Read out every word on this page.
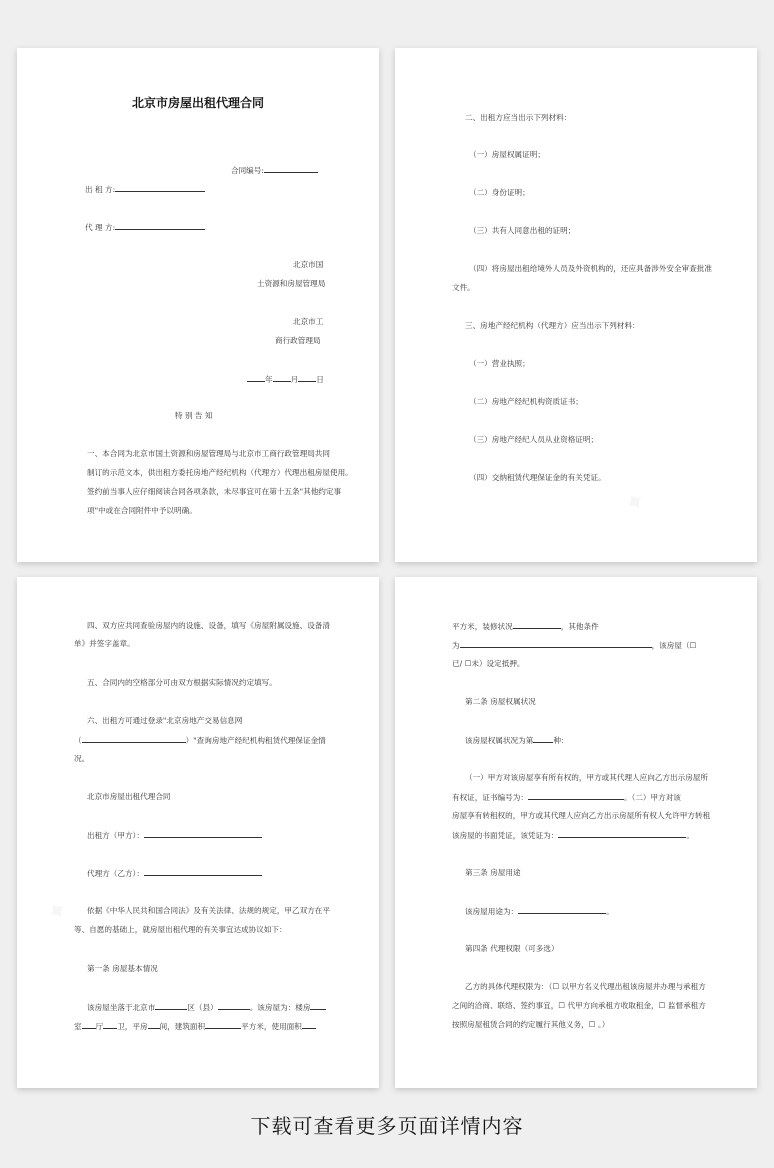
北京市房屋出租代理合同
合同编号:
出 租 方:
代 理 方:
北京市国
土资源和房屋管理局
北京市工
商行政管理局
年 月 日
特 别 告 知
一、本合同为北京市国土资源和房屋管理局与北京市工商行政管理局共同
制订的示范文本，供出租方委托房地产经纪机构（代理方）代理出租房屋使用。
签约前当事人应仔细阅读合同各项条款，未尽事宜可在第十五条"其他约定事
项"中或在合同附件中予以明确。
二、出租方应当出示下列材料：
（一）房屋权属证明；
（二）身份证明；
（三）共有人同意出租的证明；
（四）将房屋出租给境外人员及外资机构的，还应具备涉外安全审查批准
文件。
三、房地产经纪机构（代理方）应当出示下列材料：
（一）营业执照；
（二）房地产经纪机构资质证书；
（三）房地产经纪人员从业资格证明；
（四）交纳租赁代理保证金的有关凭证。
四、双方应共同查验房屋内的设施、设备，填写《房屋附属设施、设备清
单》并签字盖章。
五、合同内的空格部分可由双方根据实际情况约定填写。
六、出租方可通过登录"北京房地产交易信息网
（	）"查询房地产经纪机构租赁代理保证金情
况。
北京市房屋出租代理合同
出租方（甲方）：
代理方（乙方）：
依据《中华人民共和国合同法》及有关法律、法规的规定，甲乙双方在平
等、自愿的基础上，就房屋出租代理的有关事宜达成协议如下：
第一条 房屋基本情况
该房屋坐落于北京市	区（县）	。该房屋为：楼房
室 厅 卫，平房 间，建筑面积	平方米，使用面积
平方米，装修状况	，其他条件
为	，该房屋（☐
已/ ☐未）设定抵押。
第二条 房屋权属状况
该房屋权属状况为第	种：
（一）甲方对该房屋享有所有权的，甲方或其代理人应向乙方出示房屋所
有权证，证书编号为：	。（二）甲方对该
房屋享有转租权的，甲方或其代理人应向乙方出示房屋所有权人允许甲方转租
该房屋的书面凭证，该凭证为：	。
第三条 房屋用途
该房屋用途为：	。
第四条 代理权限（可多选）
乙方的具体代理权限为：（☐ 以甲方名义代理出租该房屋并办理与承租方
之间的洽商、联络、签约事宜，☐ 代甲方向承租方收取租金，☐ 监督承租方
按照房屋租赁合同的约定履行其他义务，☐ 。）
下载可查看更多页面详情内容
